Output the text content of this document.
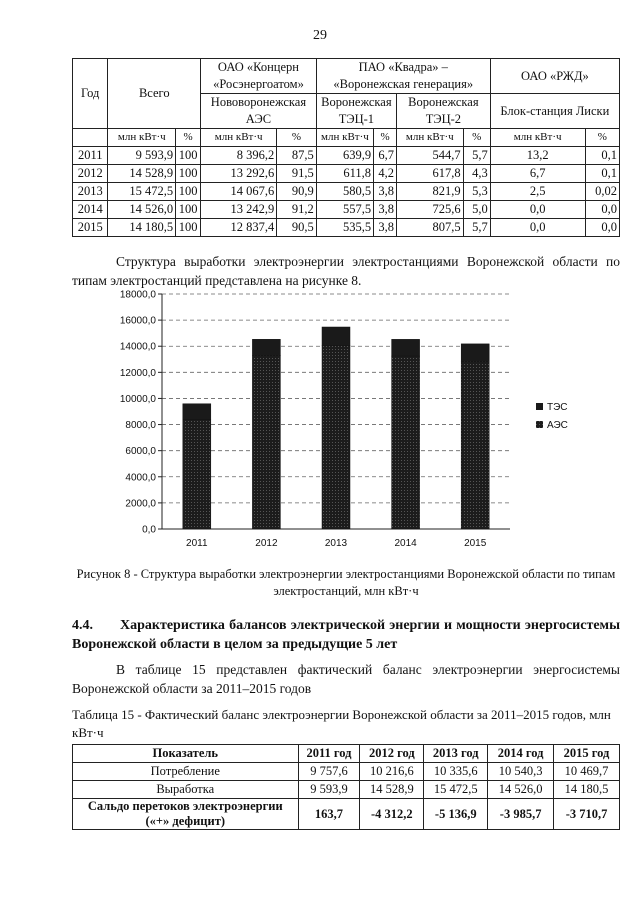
29
Год	Всего		ОАО «Концерн «Росэнергоатом»		ПАО «Квадра» – «Воронежская генерация»				ОАО «РЖД»	
			Нововоронежская АЭС		Воронежская ТЭЦ-1		Воронежская ТЭЦ-2		Блок-станция Лиски	
	млн кВт·ч	%	млн кВт·ч	%	млн кВт·ч	%	млн кВт·ч	%	млн кВт·ч	%
2011	9 593,9	100	8 396,2	87,5	639,9	6,7	544,7	5,7	13,2	0,1
2012	14 528,9	100	13 292,6	91,5	611,8	4,2	617,8	4,3	6,7	0,1
2013	15 472,5	100	14 067,6	90,9	580,5	3,8	821,9	5,3	2,5	0,02
2014	14 526,0	100	13 242,9	91,2	557,5	3,8	725,6	5,0	0,0	0,0
2015	14 180,5	100	12 837,4	90,5	535,5	3,8	807,5	5,7	0,0	0,0
Структура выработки электроэнергии электростанциями Воронежской области по типам электростанций представлена на рисунке 8.
0,0
2000,0
4000,0
6000,0
8000,0
10000,0
12000,0
14000,0
16000,0
18000,0
2011	2012	2013	2014	2015
ТЭС
АЭС
Рисунок 8 - Структура выработки электроэнергии электростанциями Воронежской области по типам электростанций, млн кВт·ч
4.4.	Характеристика балансов электрической энергии и мощности энергосистемы Воронежской области в целом за предыдущие 5 лет
В таблице 15 представлен фактический баланс электроэнергии энергосистемы Воронежской области за 2011–2015 годов
Таблица 15 - Фактический баланс электроэнергии Воронежской области за 2011–2015 годов, млн кВт·ч
Показатель	2011 год	2012 год	2013 год	2014 год	2015 год
Потребление	9 757,6	10 216,6	10 335,6	10 540,3	10 469,7
Выработка	9 593,9	14 528,9	15 472,5	14 526,0	14 180,5
Сальдо перетоков электроэнергии («+» дефицит)	163,7	-4 312,2	-5 136,9	-3 985,7	-3 710,7
